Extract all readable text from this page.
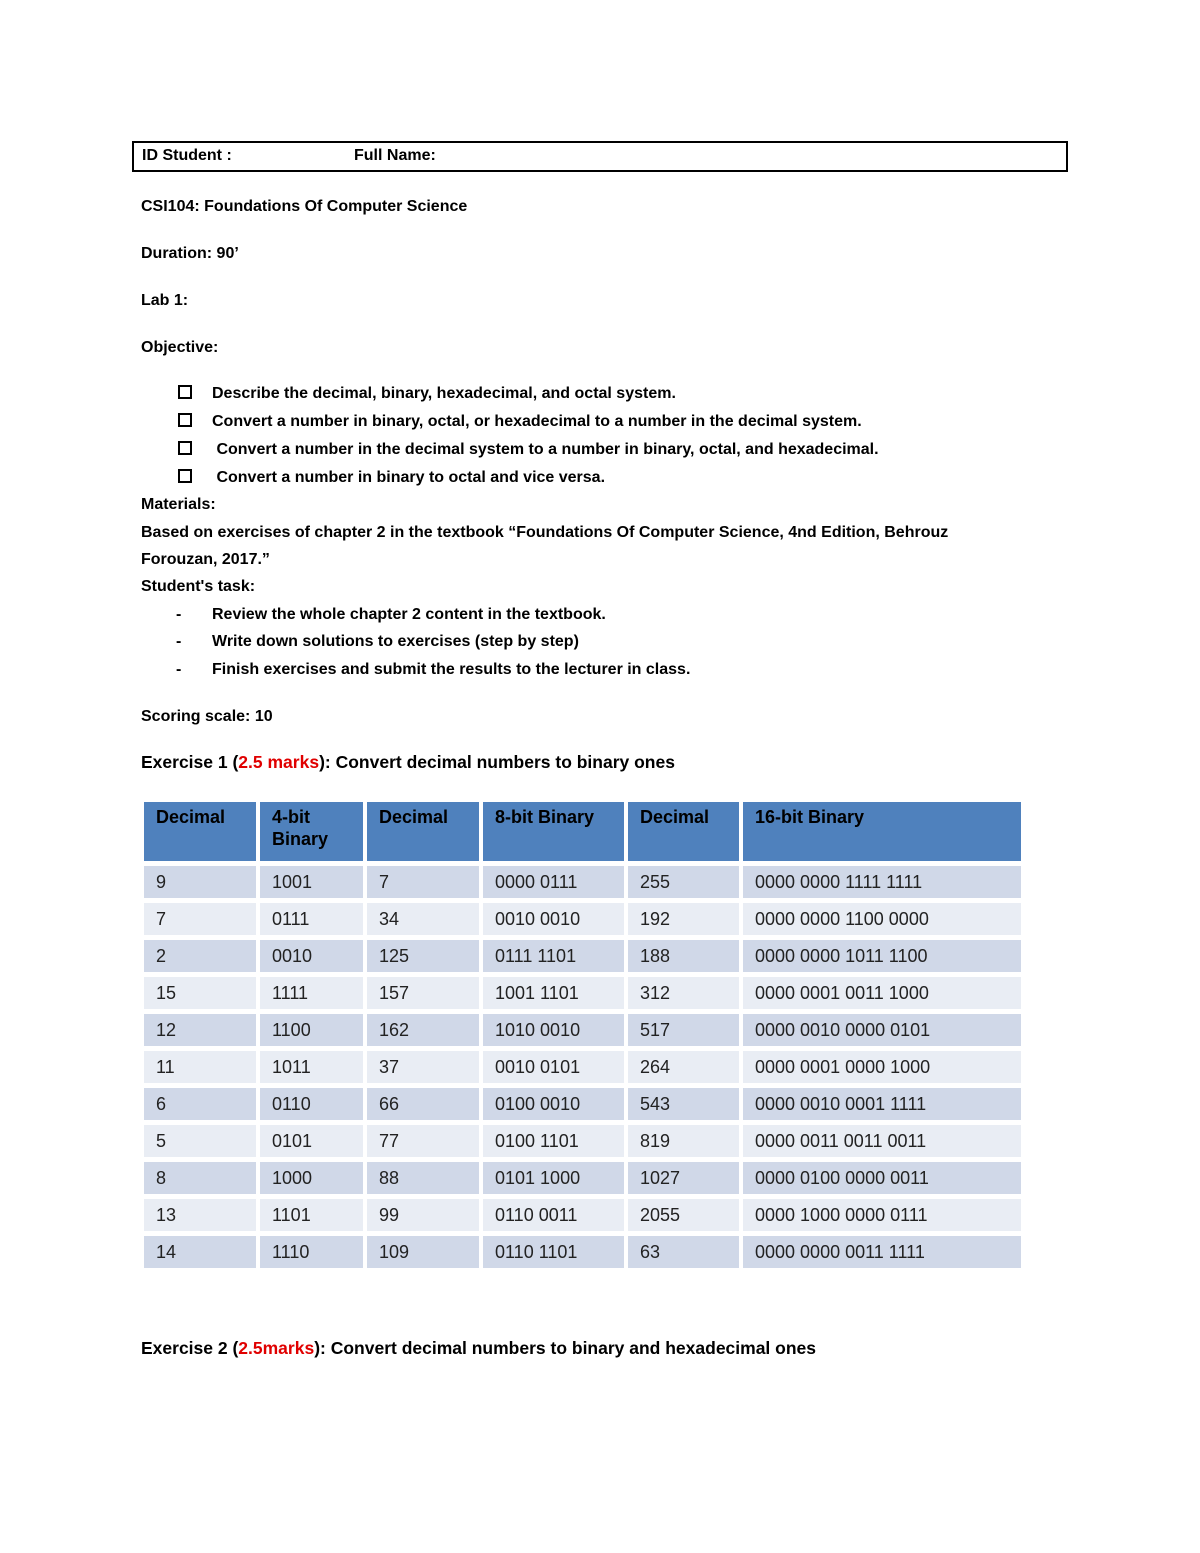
ID Student :	Full Name:
CSI104: Foundations Of Computer Science
Duration: 90’
Lab 1:
Objective:
Describe the decimal, binary, hexadecimal, and octal system.
Convert a number in binary, octal, or hexadecimal to a number in the decimal system.
Convert a number in the decimal system to a number in binary, octal, and hexadecimal.
Convert a number in binary to octal and vice versa.
Materials:
Based on exercises of chapter 2 in the textbook “Foundations Of Computer Science, 4nd Edition, Behrouz
Forouzan, 2017.”
Student's task:
- Review the whole chapter 2 content in the textbook.
- Write down solutions to exercises (step by step)
- Finish exercises and submit the results to the lecturer in class.
Scoring scale: 10
Exercise 1 (2.5 marks): Convert decimal numbers to binary ones
Decimal	4-bit Binary	Decimal	8-bit Binary	Decimal	16-bit Binary
9	1001	7	0000 0111	255	0000 0000 1111 1111
7	0111	34	0010 0010	192	0000 0000 1100 0000
2	0010	125	0111 1101	188	0000 0000 1011 1100
15	1111	157	1001 1101	312	0000 0001 0011 1000
12	1100	162	1010 0010	517	0000 0010 0000 0101
11	1011	37	0010 0101	264	0000 0001 0000 1000
6	0110	66	0100 0010	543	0000 0010 0001 1111
5	0101	77	0100 1101	819	0000 0011 0011 0011
8	1000	88	0101 1000	1027	0000 0100 0000 0011
13	1101	99	0110 0011	2055	0000 1000 0000 0111
14	1110	109	0110 1101	63	0000 0000 0011 1111
Exercise 2 (2.5marks): Convert decimal numbers to binary and hexadecimal ones
